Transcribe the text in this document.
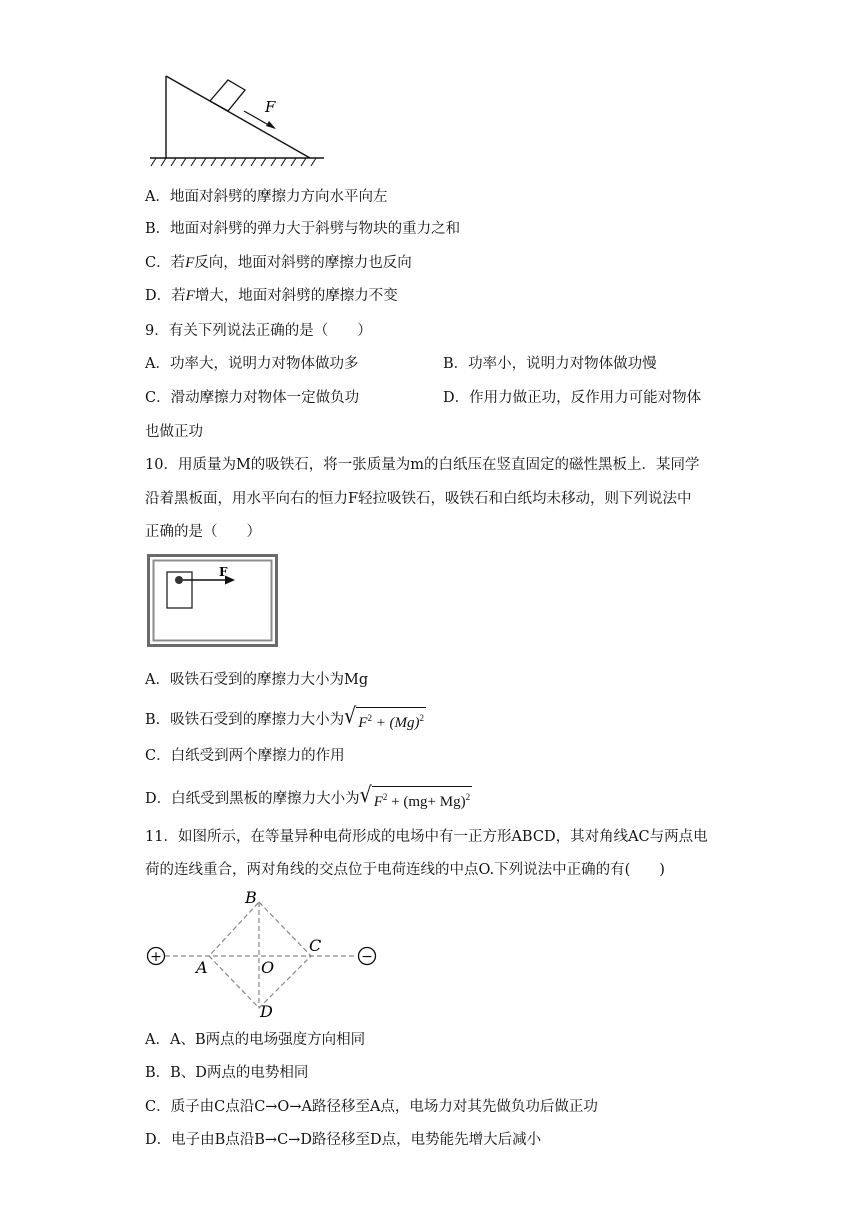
F
A．地面对斜劈的摩擦力方向水平向左
B．地面对斜劈的弹力大于斜劈与物块的重力之和
C．若F反向，地面对斜劈的摩擦力也反向
D．若F增大，地面对斜劈的摩擦力不变
9．有关下列说法正确的是（　　）
A．功率大，说明力对物体做功多	B．功率小，说明力对物体做功慢
C．滑动摩擦力对物体一定做负功	D．作用力做正功，反作用力可能对物体
也做正功
10．用质量为M的吸铁石，将一张质量为m的白纸压在竖直固定的磁性黑板上．某同学
沿着黑板面，用水平向右的恒力F轻拉吸铁石，吸铁石和白纸均未移动，则下列说法中
正确的是（　　）
F
A．吸铁石受到的摩擦力大小为Mg
B．吸铁石受到的摩擦力大小为√ $F^2 + (Mg)^2$
C．白纸受到两个摩擦力的作用
D．白纸受到黑板的摩擦力大小为√ $F^2 + (mg+ Mg)^2$
11．如图所示，在等量异种电荷形成的电场中有一正方形ABCD，其对角线AC与两点电
荷的连线重合，两对角线的交点位于电荷连线的中点O.下列说法中正确的有(　　)
+	−
B
C
A	O
D
A．A、B两点的电场强度方向相同
B．B、D两点的电势相同
C．质子由C点沿C→O→A路径移至A点，电场力对其先做负功后做正功
D．电子由B点沿B→C→D路径移至D点，电势能先增大后减小
